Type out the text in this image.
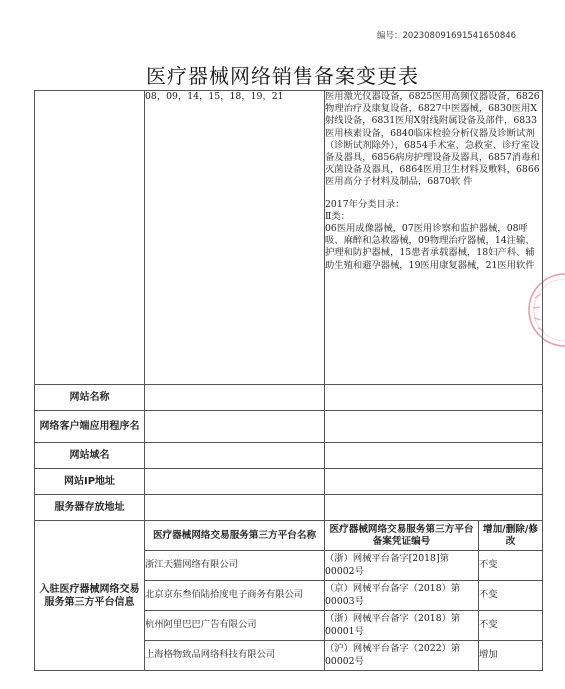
编号：202308091691541650846
医疗器械网络销售备案变更表
	08，09，14，15，18，19，21	医用激光仪器设备，6825医用高频仪器设备，6826物理治疗及康复设备，6827中医器械，6830医用X射线设备，6831医用X射线附属设备及部件，6833医用核素设备，6840临床检验分析仪器及诊断试剂（诊断试剂除外），6854手术室、急救室、诊疗室设备及器具，6856病房护理设备及器具，6857消毒和灭菌设备及器具，6864医用卫生材料及敷料，6866医用高分子材料及制品，6870软 件

2017年分类目录：

Ⅱ类：

06医用成像器械，07医用诊察和监护器械，08呼吸、麻醉和急救器械，09物理治疗器械，14注输、护理和防护器械，15患者承载器械，18妇产科、辅助生殖和避孕器械，19医用康复器械，21医用软件	

网站名称			
网络客户端应用程序名			
网站域名			
网站IP地址			
服务器存放地址			
入驻医疗器械网络交易服务第三方平台信息	医疗器械网络交易服务第三方平台名称	医疗器械网络交易服务第三方平台备案凭证编号	增加/删除/修改
	浙江天猫网络有限公司	（浙）网械平台备字[2018]第00002号	不变
	北京京东叁佰陆拾度电子商务有限公司	（京）网械平台备字（2018）第00003号	不变
	杭州阿里巴巴广告有限公司	（浙）网械平台备字（2018）第00001号	不变
	上海格物致品网络科技有限公司	（沪）网械平台备字（2022）第00002号	增加
